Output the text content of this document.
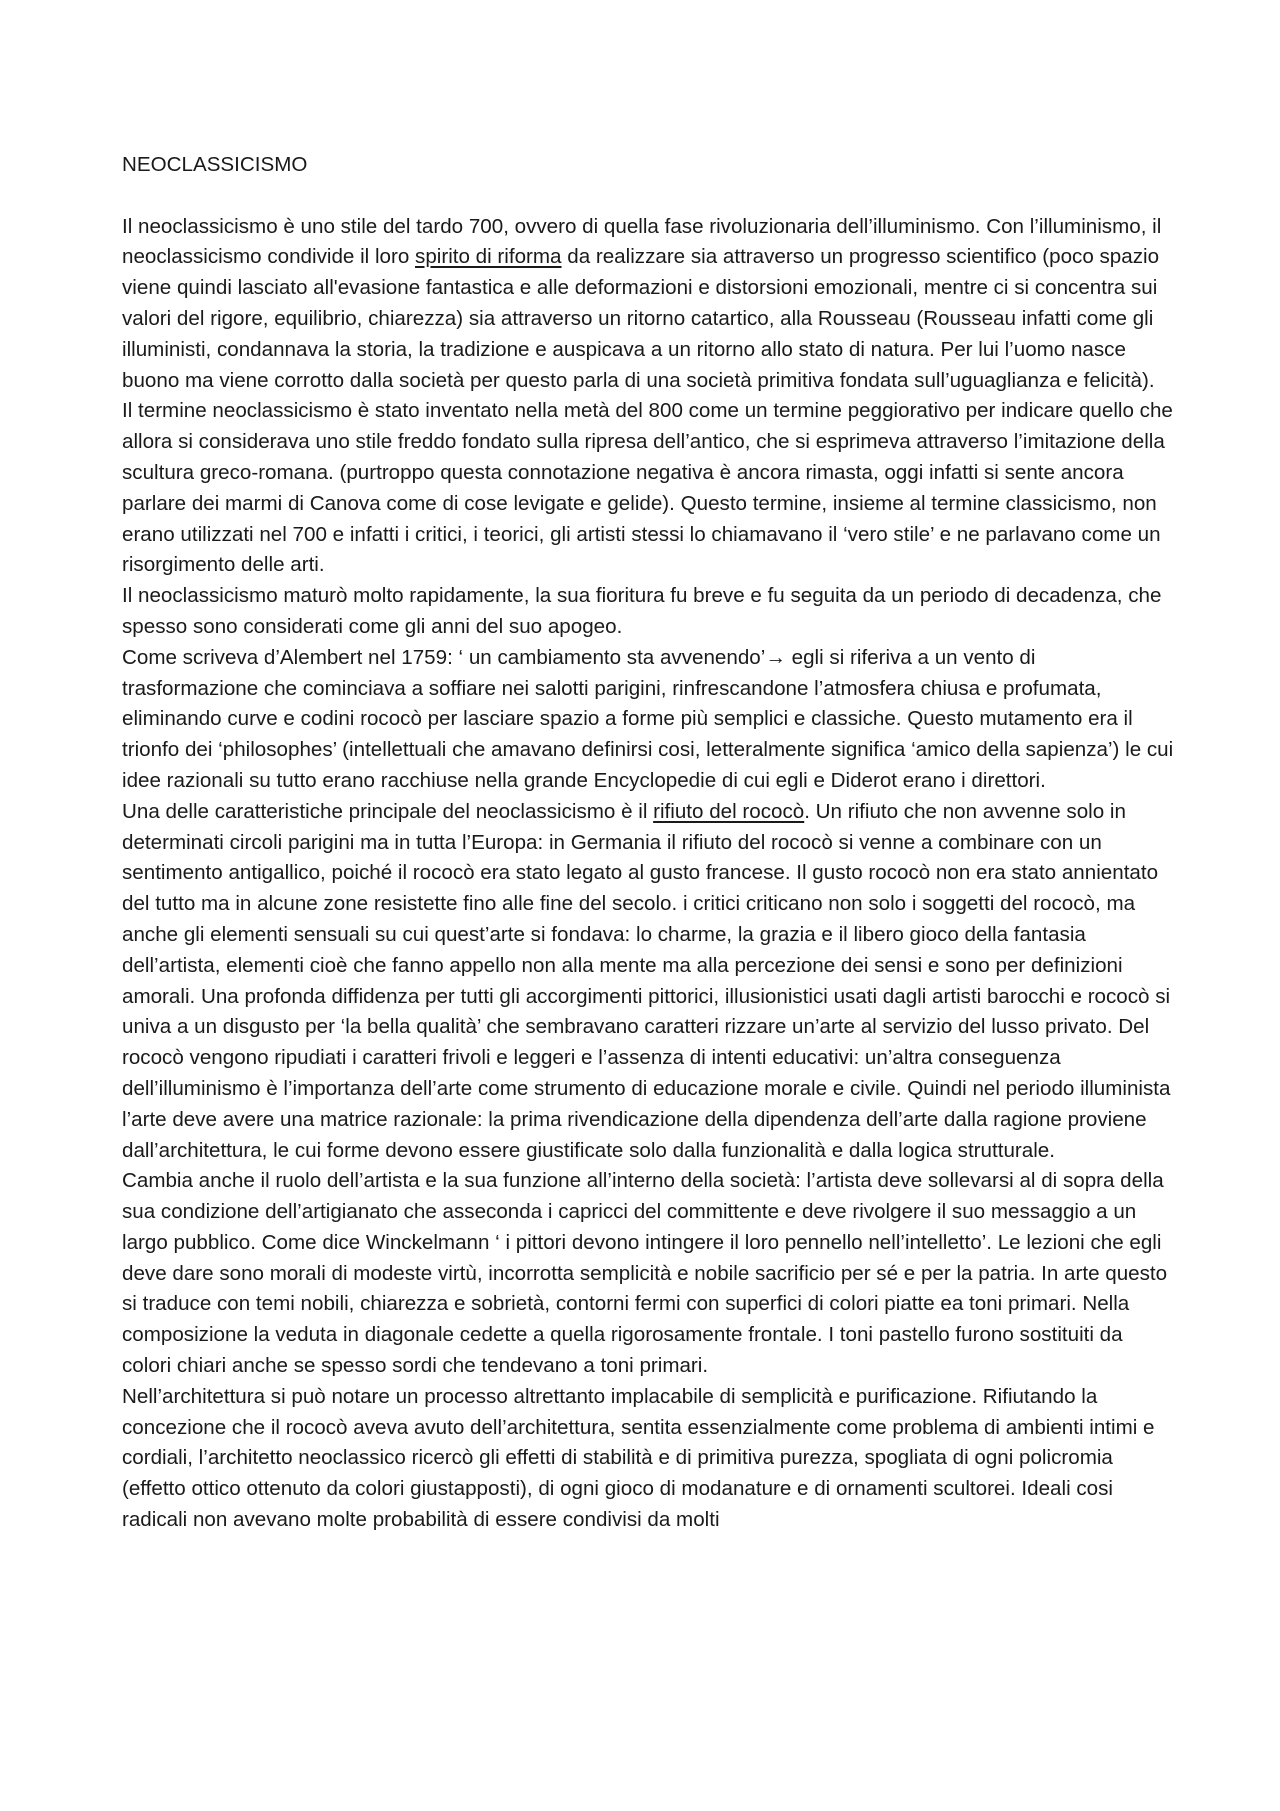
NEOCLASSICISMO

Il neoclassicismo è uno stile del tardo 700, ovvero di quella fase rivoluzionaria dell’illuminismo. Con l’illuminismo, il neoclassicismo condivide il loro spirito di riforma da realizzare sia attraverso un progresso scientifico (poco spazio viene quindi lasciato all'evasione fantastica e alle deformazioni e distorsioni emozionali, mentre ci si concentra sui valori del rigore, equilibrio, chiarezza) sia attraverso un ritorno catartico, alla Rousseau (Rousseau infatti come gli illuministi, condannava la storia, la tradizione e auspicava a un ritorno allo stato di natura. Per lui l’uomo nasce buono ma viene corrotto dalla società per questo parla di una società primitiva fondata sull’uguaglianza e felicità).

Il termine neoclassicismo è stato inventato nella metà del 800 come un termine peggiorativo per indicare quello che allora si considerava uno stile freddo fondato sulla ripresa dell’antico, che si esprimeva attraverso l’imitazione della scultura greco-romana. (purtroppo questa connotazione negativa è ancora rimasta, oggi infatti si sente ancora parlare dei marmi di Canova come di cose levigate e gelide). Questo termine, insieme al termine classicismo, non erano utilizzati nel 700 e infatti i critici, i teorici, gli artisti stessi lo chiamavano il ‘vero stile’ e ne parlavano come un risorgimento delle arti.

Il neoclassicismo maturò molto rapidamente, la sua fioritura fu breve e fu seguita da un periodo di decadenza, che spesso sono considerati come gli anni del suo apogeo.

Come scriveva d’Alembert nel 1759: ‘ un cambiamento sta avvenendo’→ egli si riferiva a un vento di trasformazione che cominciava a soffiare nei salotti parigini, rinfrescandone l’atmosfera chiusa e profumata, eliminando curve e codini rococò per lasciare spazio a forme più semplici e classiche. Questo mutamento era il trionfo dei ‘philosophes’ (intellettuali che amavano definirsi cosi, letteralmente significa ‘amico della sapienza’) le cui idee razionali su tutto erano racchiuse nella grande Encyclopedie di cui egli e Diderot erano i direttori.

Una delle caratteristiche principale del neoclassicismo è il rifiuto del rococò. Un rifiuto che non avvenne solo in determinati circoli parigini ma in tutta l’Europa: in Germania il rifiuto del rococò si venne a combinare con un sentimento antigallico, poiché il rococò era stato legato al gusto francese. Il gusto rococò non era stato annientato del tutto ma in alcune zone resistette fino alle fine del secolo. i critici criticano non solo i soggetti del rococò, ma anche gli elementi sensuali su cui quest’arte si fondava: lo charme, la grazia e il libero gioco della fantasia dell’artista, elementi cioè che fanno appello non alla mente ma alla percezione dei sensi e sono per definizioni amorali. Una profonda diffidenza per tutti gli accorgimenti pittorici, illusionistici usati dagli artisti barocchi e rococò si univa a un disgusto per ‘la bella qualità’ che sembravano caratteri rizzare un’arte al servizio del lusso privato. Del rococò vengono ripudiati i caratteri frivoli e leggeri e l’assenza di intenti educativi: un’altra conseguenza dell’illuminismo è l’importanza dell’arte come strumento di educazione morale e civile. Quindi nel periodo illuminista l’arte deve avere una matrice razionale: la prima rivendicazione della dipendenza dell’arte dalla ragione proviene dall’architettura, le cui forme devono essere giustificate solo dalla funzionalità e dalla logica strutturale.

Cambia anche il ruolo dell’artista e la sua funzione all’interno della società: l’artista deve sollevarsi al di sopra della sua condizione dell’artigianato che asseconda i capricci del committente e deve rivolgere il suo messaggio a un largo pubblico. Come dice Winckelmann ‘ i pittori devono intingere il loro pennello nell’intelletto’. Le lezioni che egli deve dare sono morali di modeste virtù, incorrotta semplicità e nobile sacrificio per sé e per la patria. In arte questo si traduce con temi nobili, chiarezza e sobrietà, contorni fermi con superfici di colori piatte ea toni primari. Nella composizione la veduta in diagonale cedette a quella rigorosamente frontale. I toni pastello furono sostituiti da colori chiari anche se spesso sordi che tendevano a toni primari.

Nell’architettura si può notare un processo altrettanto implacabile di semplicità e purificazione. Rifiutando la concezione che il rococò aveva avuto dell’architettura, sentita essenzialmente come problema di ambienti intimi e cordiali, l’architetto neoclassico ricercò gli effetti di stabilità e di primitiva purezza, spogliata di ogni policromia (effetto ottico ottenuto da colori giustapposti), di ogni gioco di modanature e di ornamenti scultorei. Ideali cosi radicali non avevano molte probabilità di essere condivisi da molti
